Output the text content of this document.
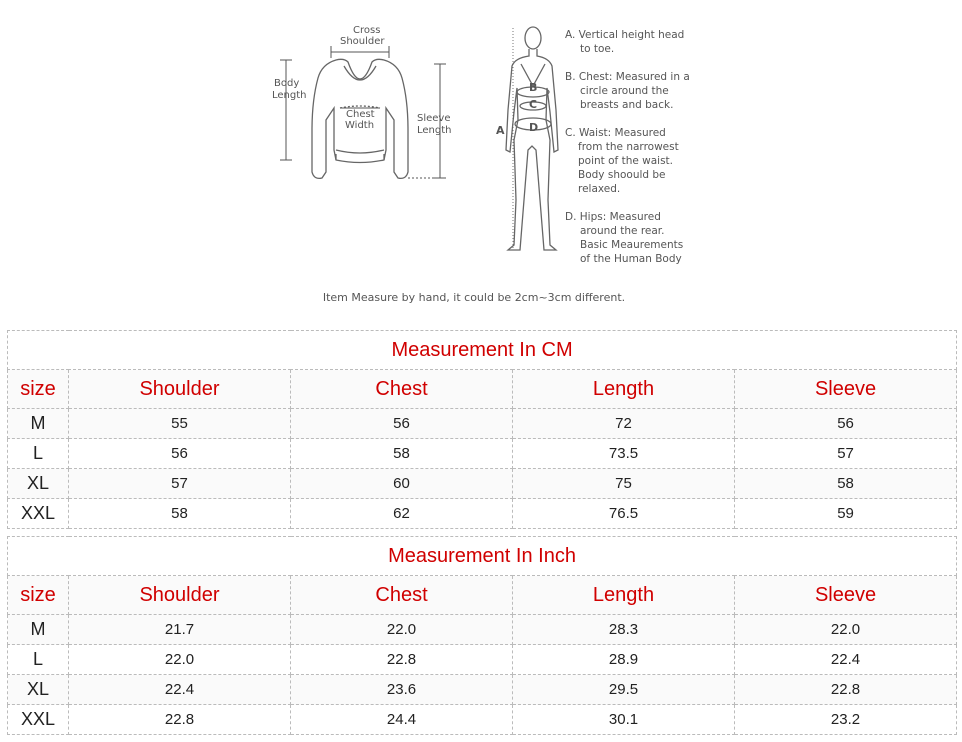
Cross
Shoulder
Body
Length
Chest
Width
Sleeve
Length	A
B
C
D
A. Vertical height head
to toe.
B. Chest: Measured in a
circle around the
breasts and back.
C. Waist: Measured
from the narrowest
point of the waist.
Body shoould be
relaxed.
D. Hips: Measured
around the rear.
Basic Meaurements
of the Human Body
Item Measure by hand, it could be 2cm~3cm different.
Measurement In CM				
size	Shoulder	Chest	Length	Sleeve
M	55	56	72	56
L	56	58	73.5	57
XL	57	60	75	58
XXL	58	62	76.5	59
Measurement In Inch				
size	Shoulder	Chest	Length	Sleeve
M	21.7	22.0	28.3	22.0
L	22.0	22.8	28.9	22.4
XL	22.4	23.6	29.5	22.8
XXL	22.8	24.4	30.1	23.2
